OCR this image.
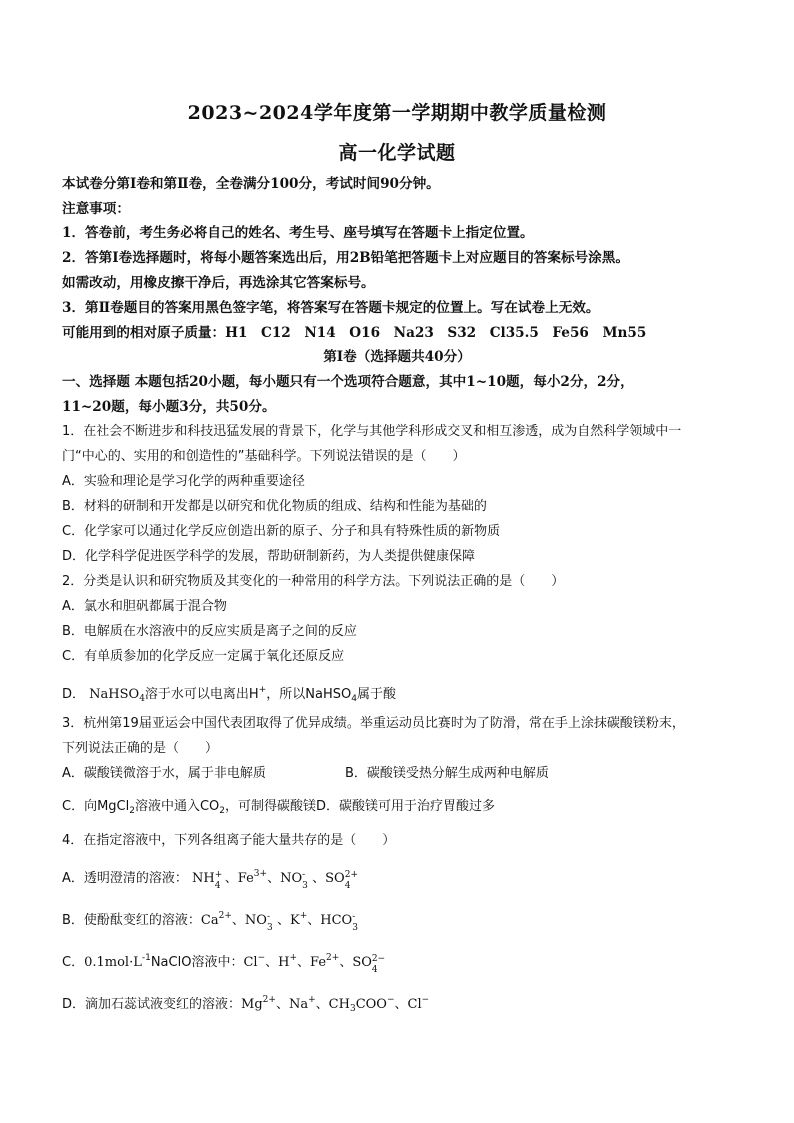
2023~2024学年度第一学期期中教学质量检测
高一化学试题
本试卷分第Ⅰ卷和第Ⅱ卷，全卷满分100分，考试时间90分钟。
注意事项：
1．答卷前，考生务必将自己的姓名、考生号、座号填写在答题卡上指定位置。
2．答第Ⅰ卷选择题时，将每小题答案选出后，用2B铅笔把答题卡上对应题目的答案标号涂黑。
如需改动，用橡皮擦干净后，再选涂其它答案标号。
3．第Ⅱ卷题目的答案用黑色签字笔，将答案写在答题卡规定的位置上。写在试卷上无效。
可能用到的相对原子质量：H1　C12　N14　O16　Na23　S32　Cl35.5　Fe56　Mn55
第Ⅰ卷（选择题共40分）
一、选择题 本题包括20小题，每小题只有一个选项符合题意，其中1~10题，每小2分，2分，
11~20题，每小题3分，共50分。
1．在社会不断进步和科技迅猛发展的背景下，化学与其他学科形成交叉和相互渗透，成为自然科学领域中一
门“中心的、实用的和创造性的”基础科学。下列说法错误的是（　　）
A．实验和理论是学习化学的两种重要途径
B．材料的研制和开发都是以研究和优化物质的组成、结构和性能为基础的
C．化学家可以通过化学反应创造出新的原子、分子和具有特殊性质的新物质
D．化学科学促进医学科学的发展，帮助研制新药，为人类提供健康保障
2．分类是认识和研究物质及其变化的一种常用的科学方法。下列说法正确的是（　　）
A．氯水和胆矾都属于混合物
B．电解质在水溶液中的反应实质是离子之间的反应
C．有单质参加的化学反应一定属于氧化还原反应
D． NaHSO$_4$溶于水可以电离出H+，所以NaHSO$_4$属于酸
3．杭州第19届亚运会中国代表团取得了优异成绩。举重运动员比赛时为了防滑，常在手上涂抹碳酸镁粉末，
下列说法正确的是（　　）
A．碳酸镁微溶于水，属于非电解质	B．碳酸镁受热分解生成两种电解质
C．向MgCl$_2$溶液中通入$CO_2$，可制得碳酸镁D．碳酸镁可用于治疗胃酸过多
4．在指定溶液中，下列各组离子能大量共存的是（　　）
A．透明澄清的溶液： NH +
4 、$Fe^{3+}$、NO -
3 、SO 2+
4
B．使酚酞变红的溶液：$Ca^{2+}$、NO -
3 、K+、HCO -
3
C．$0.1mol\cdot L^{-1}NaClO$溶液中：Cl−、H+、$Fe^{2+}$、SO 2−
4
D．滴加石蕊试液变红的溶液：$Mg^{2+}$、Na+、$CH_3COO^-$、Cl−
